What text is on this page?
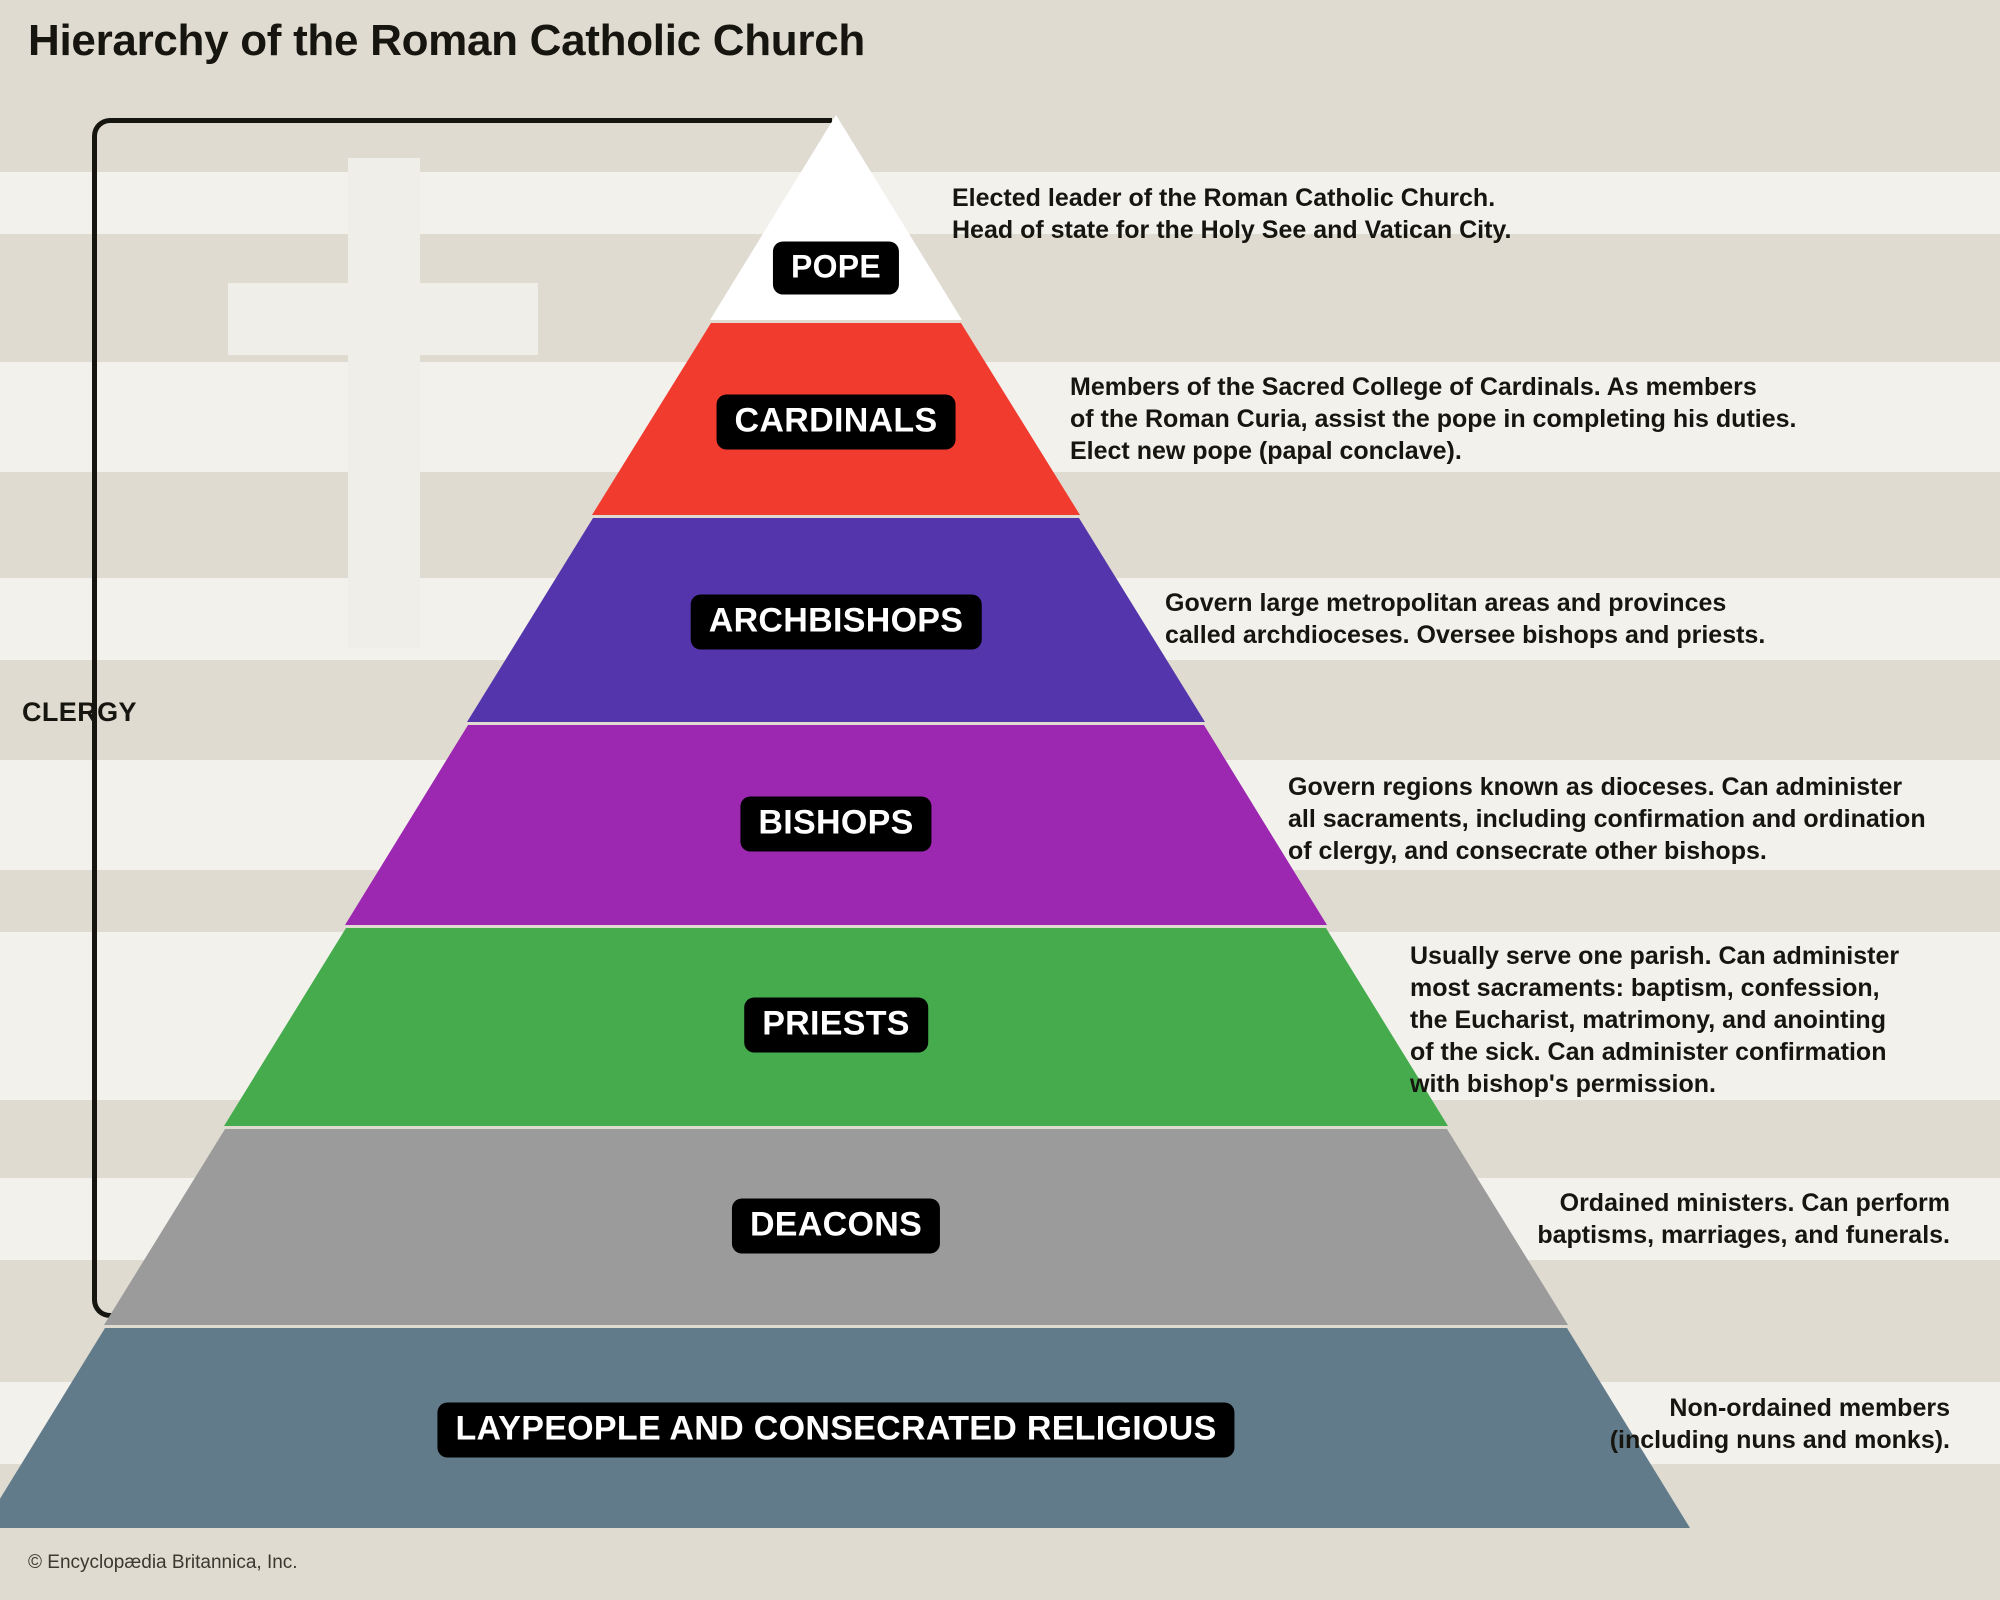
Hierarchy of the Roman Catholic Church
CLERGY
POPE
CARDINALS
ARCHBISHOPS
BISHOPS
PRIESTS
DEACONS
LAYPEOPLE AND CONSECRATED RELIGIOUS
Elected leader of the Roman Catholic Church.
Head of state for the Holy See and Vatican City.
Members of the Sacred College of Cardinals. As members
of the Roman Curia, assist the pope in completing his duties.
Elect new pope (papal conclave).
Govern large metropolitan areas and provinces
called archdioceses. Oversee bishops and priests.
Govern regions known as dioceses. Can administer
all sacraments, including confirmation and ordination
of clergy, and consecrate other bishops.
Usually serve one parish. Can administer
most sacraments: baptism, confession,
the Eucharist, matrimony, and anointing
of the sick. Can administer confirmation
with bishop's permission.
Ordained ministers. Can perform
baptisms, marriages, and funerals.
Non-ordained members
(including nuns and monks).
© Encyclopædia Britannica, Inc.
